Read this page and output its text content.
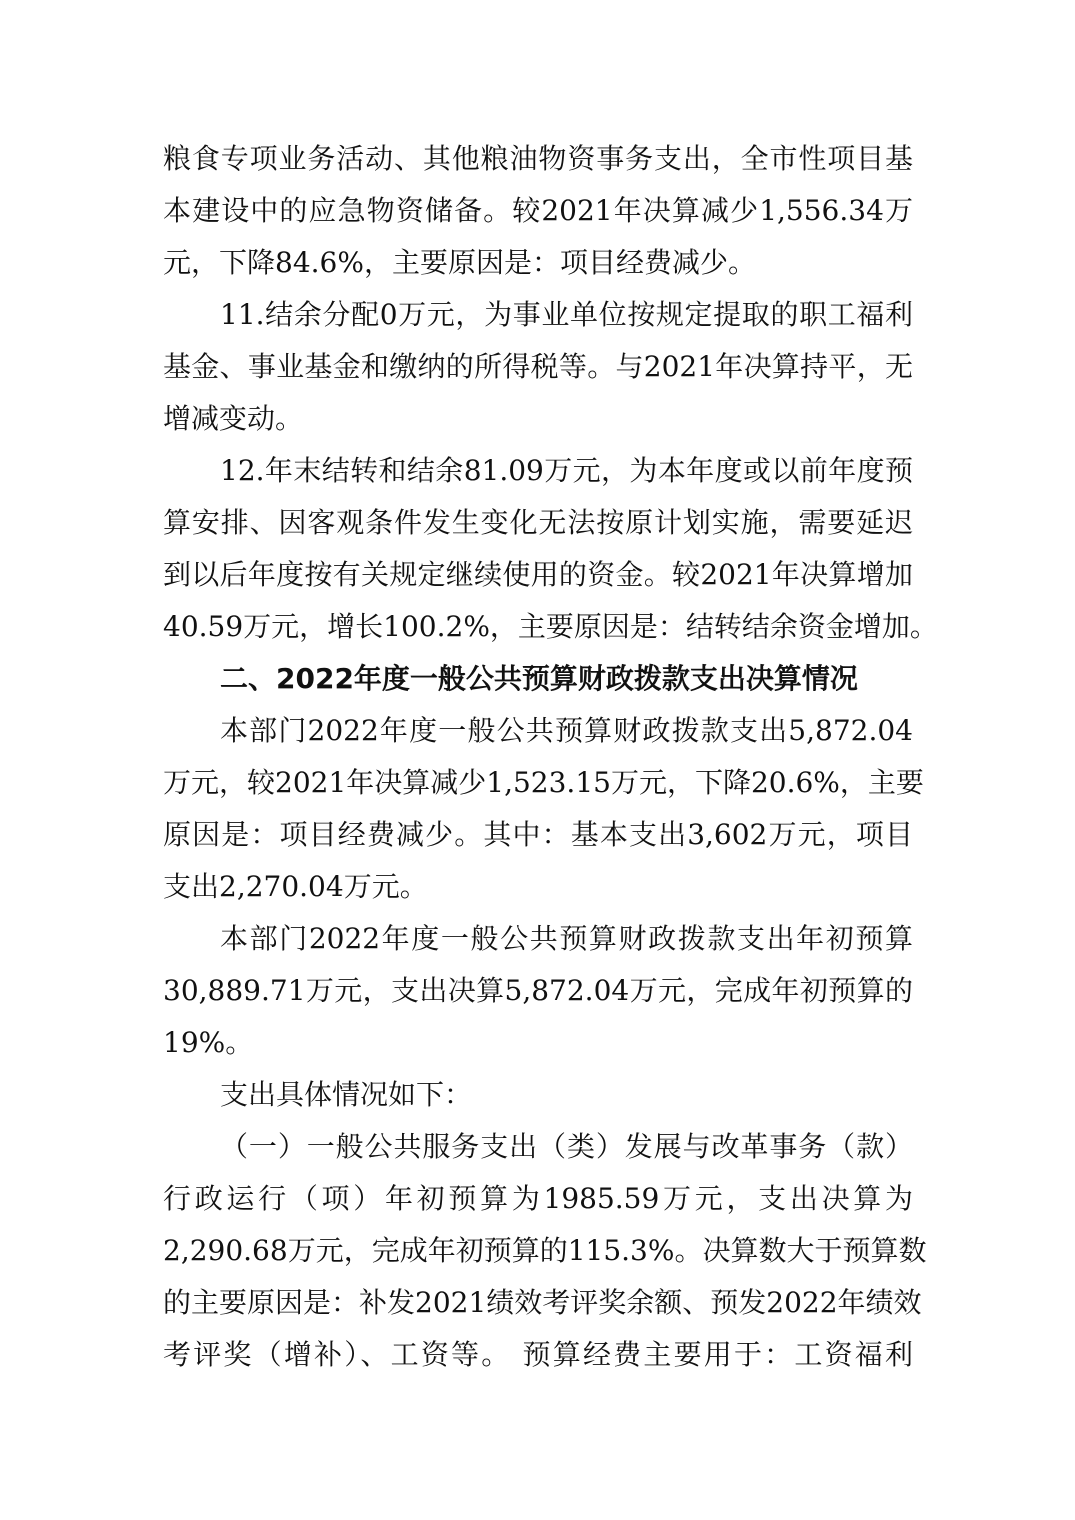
粮食专项业务活动、其他粮油物资事务支出，全市性项目基
本建设中的应急物资储备。较2021年决算减少1,556.34万
元，下降84.6%，主要原因是：项目经费减少。
11.结余分配0万元，为事业单位按规定提取的职工福利
基金、事业基金和缴纳的所得税等。与2021年决算持平，无
增减变动。
12.年末结转和结余81.09万元，为本年度或以前年度预
算安排、因客观条件发生变化无法按原计划实施，需要延迟
到以后年度按有关规定继续使用的资金。较2021年决算增加
40.59万元，增长100.2%，主要原因是：结转结余资金增加。
二、2022年度一般公共预算财政拨款支出决算情况
本部门2022年度一般公共预算财政拨款支出5,872.04
万元，较2021年决算减少1,523.15万元，下降20.6%，主要
原因是：项目经费减少。其中：基本支出3,602万元，项目
支出2,270.04万元。
本部门2022年度一般公共预算财政拨款支出年初预算
30,889.71万元，支出决算5,872.04万元，完成年初预算的
19%。
支出具体情况如下：
（一）一般公共服务支出（类）发展与改革事务（款）
行政运行（项）年初预算为1985.59万元，支出决算为
2,290.68万元，完成年初预算的115.3%。决算数大于预算数
的主要原因是：补发2021绩效考评奖余额、预发2022年绩效
考评奖（增补）、工资等。 预算经费主要用于：工资福利
